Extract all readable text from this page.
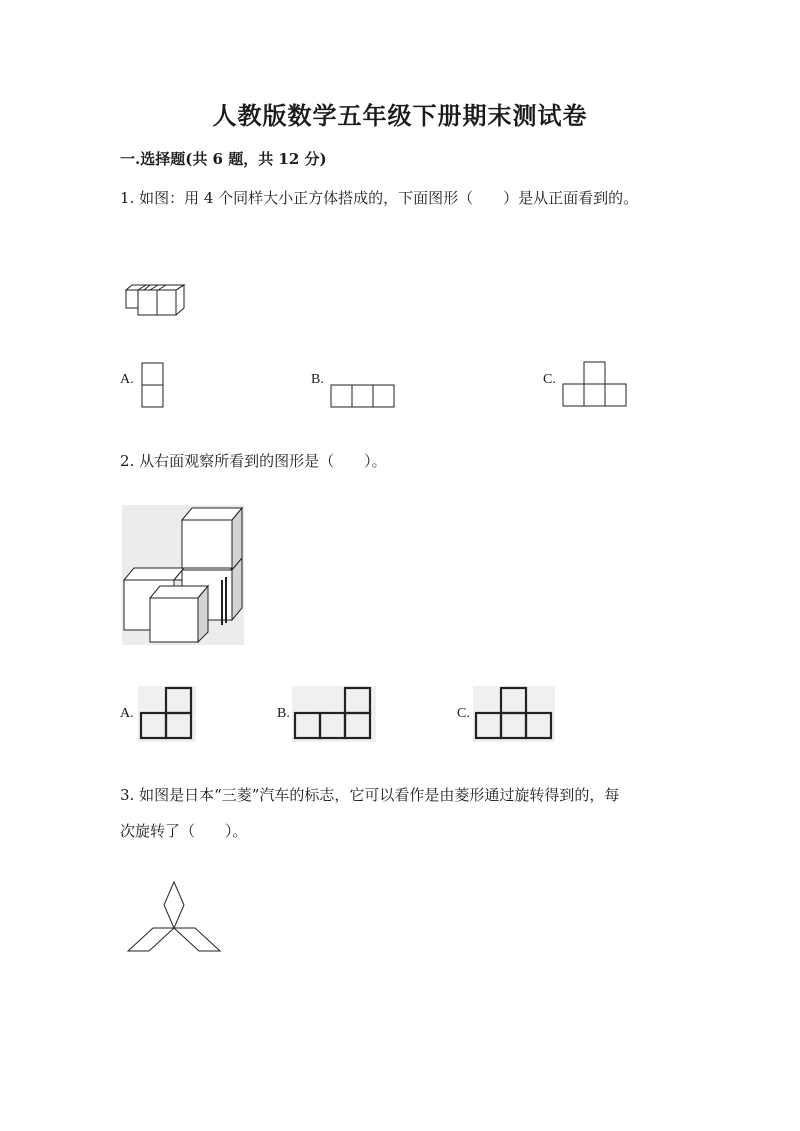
人教版数学五年级下册期末测试卷
一.选择题(共 6 题，共 12 分)
1. 如图：用 4 个同样大小正方体搭成的，下面图形（　　）是从正面看到的。
A.	B.	C.
2. 从右面观察所看到的图形是（　　）。
A.	B.	C.
3. 如图是日本“三菱”汽车的标志，它可以看作是由菱形通过旋转得到的，每
次旋转了（　　）。
